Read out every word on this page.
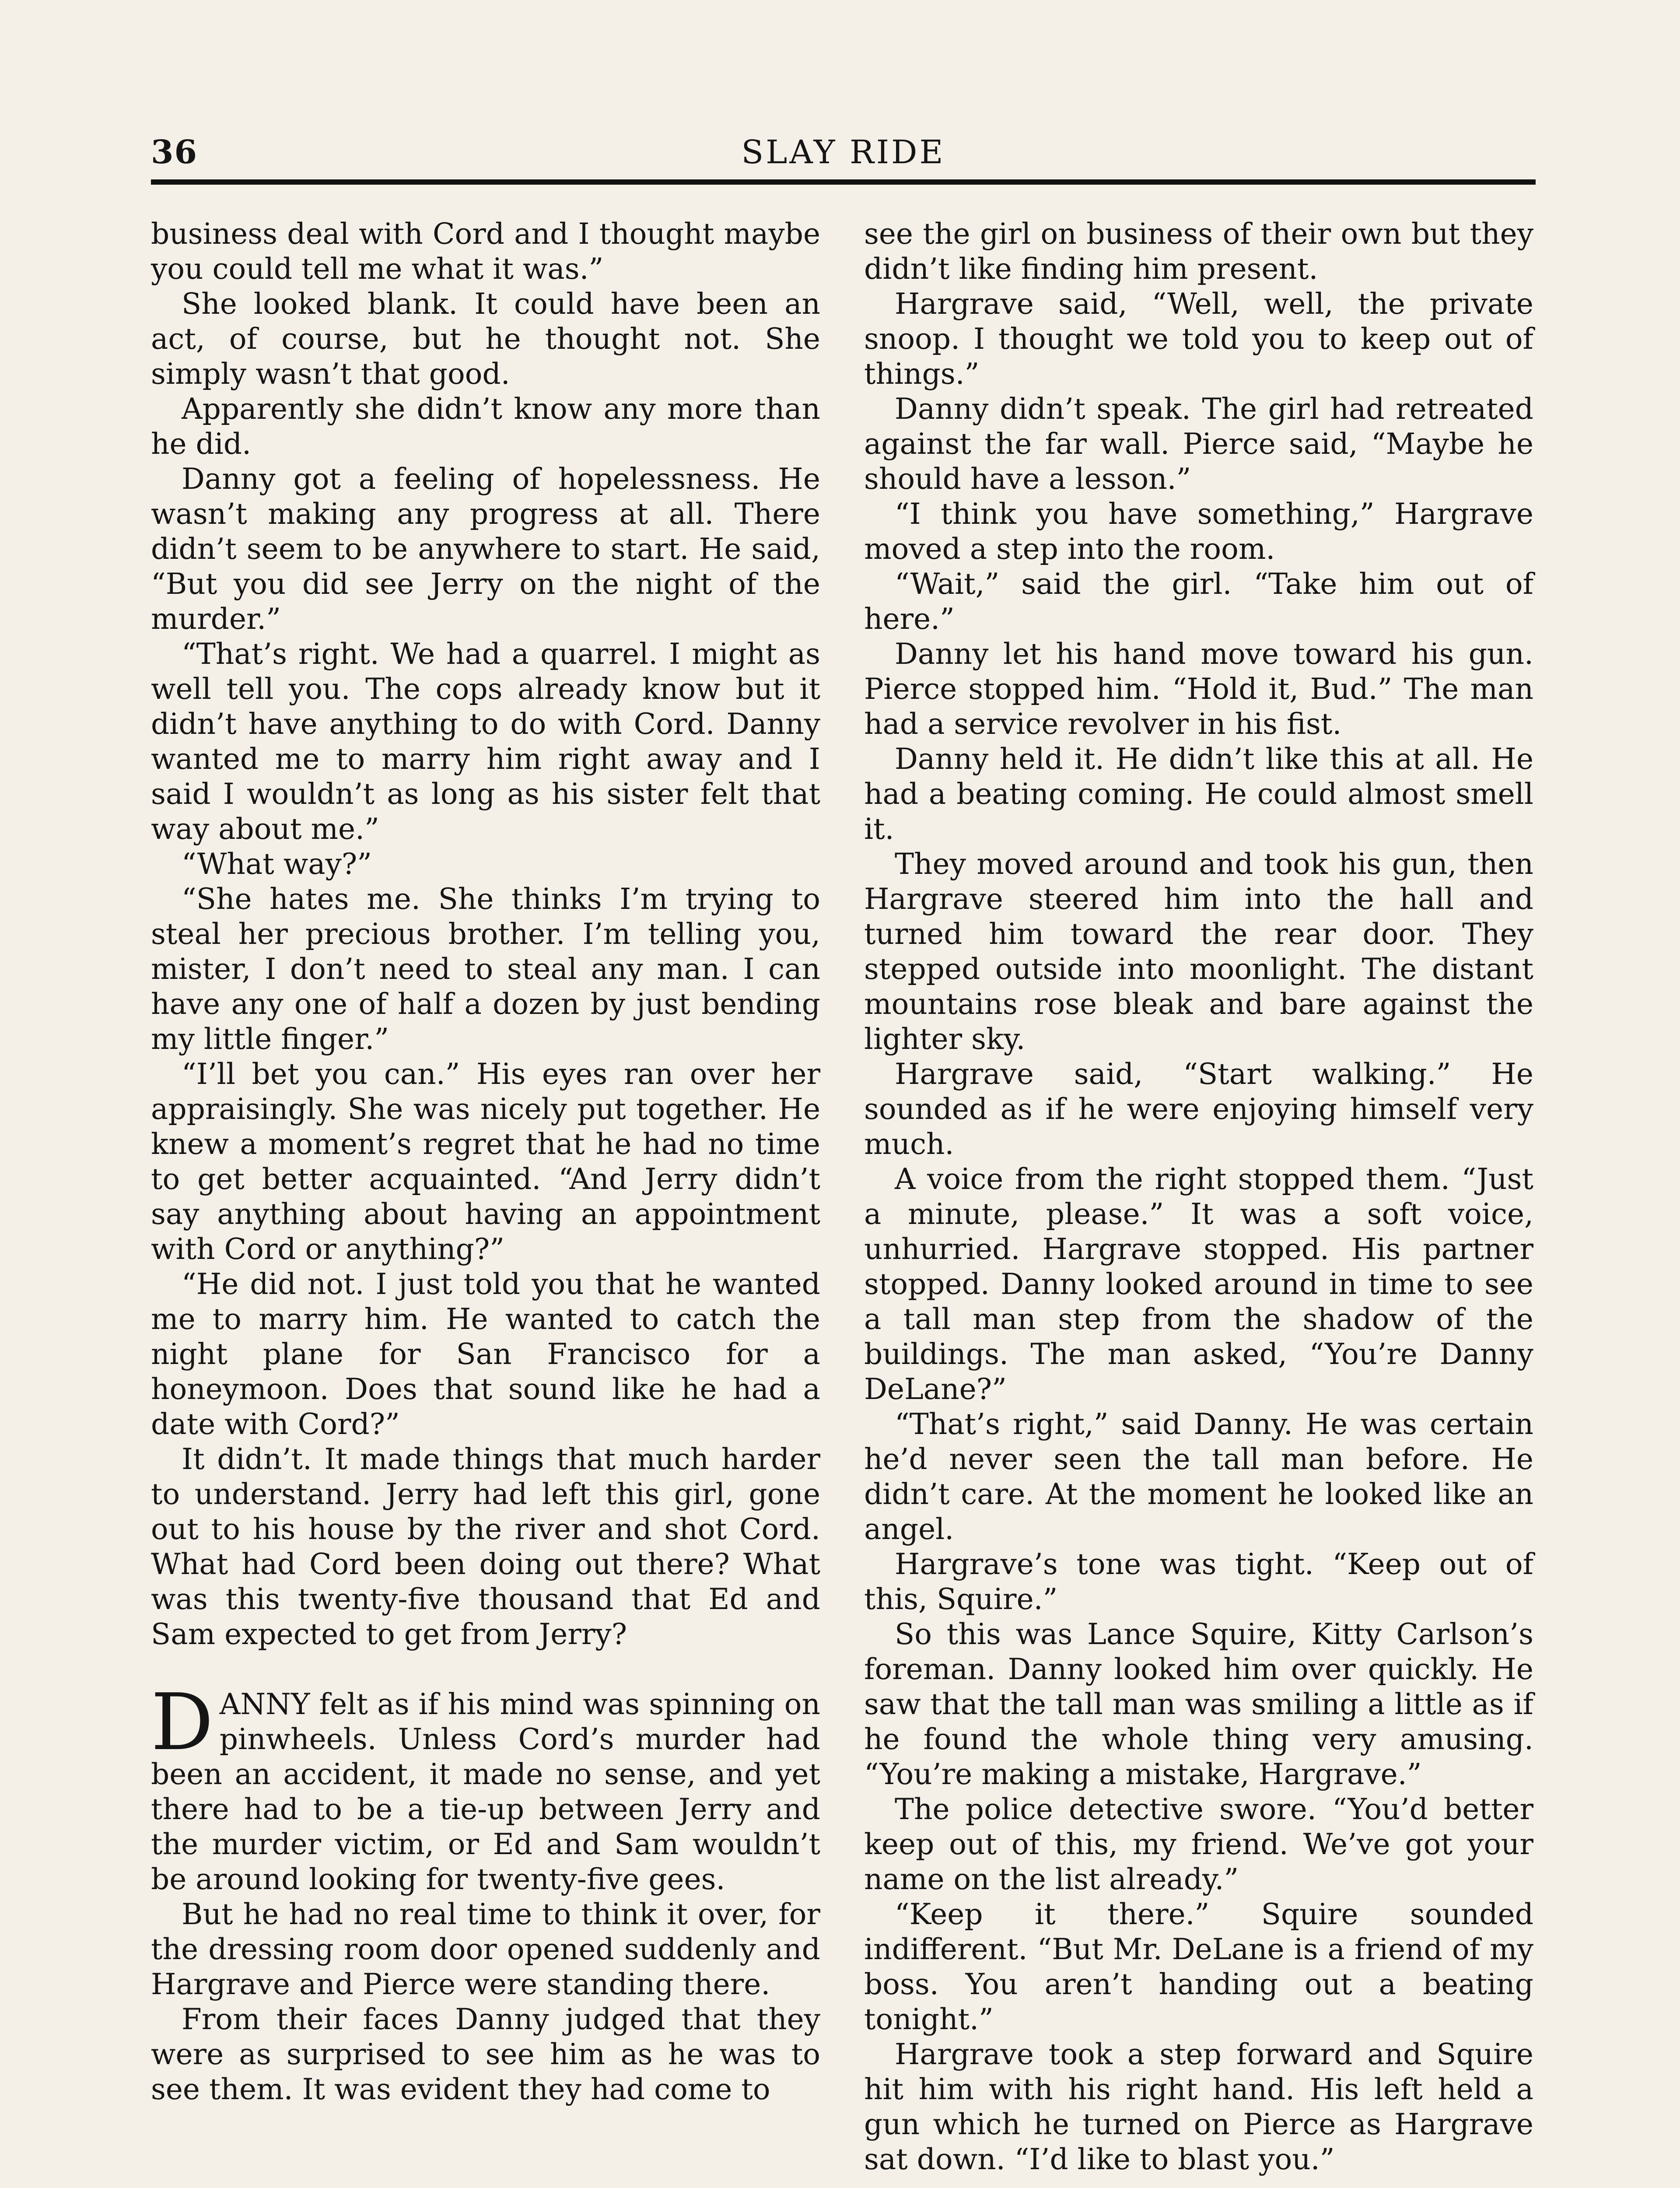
36	SLAY RIDE

business deal with Cord and I thought maybe you could tell me what it was.”

She looked blank. It could have been an act, of course, but he thought not. She simply wasn’t that good.

Apparently she didn’t know any more than he did.

Danny got a feeling of hopelessness. He wasn’t making any progress at all. There didn’t seem to be anywhere to start. He said, “But you did see Jerry on the night of the murder.”

“That’s right. We had a quarrel. I might as well tell you. The cops already know but it didn’t have anything to do with Cord. Danny wanted me to marry him right away and I said I wouldn’t as long as his sister felt that way about me.”

“What way?”

“She hates me. She thinks I’m trying to steal her precious brother. I’m telling you, mister, I don’t need to steal any man. I can have any one of half a dozen by just bending my little finger.”

“I’ll bet you can.” His eyes ran over her appraisingly. She was nicely put together. He knew a moment’s regret that he had no time to get better acquainted. “And Jerry didn’t say anything about having an appointment with Cord or anything?”

“He did not. I just told you that he wanted me to marry him. He wanted to catch the night plane for San Francisco for a honeymoon. Does that sound like he had a date with Cord?”

It didn’t. It made things that much harder to understand. Jerry had left this girl, gone out to his house by the river and shot Cord. What had Cord been doing out there? What was this twenty-five thousand that Ed and Sam expected to get from Jerry?

DANNY felt as if his mind was spinning on pinwheels. Unless Cord’s murder had been an accident, it made no sense, and yet there had to be a tie-up between Jerry and the murder victim, or Ed and Sam wouldn’t be around looking for twenty-five gees.

But he had no real time to think it over, for the dressing room door opened suddenly and Hargrave and Pierce were standing there.

From their faces Danny judged that they were as surprised to see him as he was to see them. It was evident they had come to

see the girl on business of their own but they didn’t like finding him present.

Hargrave said, “Well, well, the private snoop. I thought we told you to keep out of things.”

Danny didn’t speak. The girl had retreated against the far wall. Pierce said, “Maybe he should have a lesson.”

“I think you have something,” Hargrave moved a step into the room.

“Wait,” said the girl. “Take him out of here.”

Danny let his hand move toward his gun. Pierce stopped him. “Hold it, Bud.” The man had a service revolver in his fist.

Danny held it. He didn’t like this at all. He had a beating coming. He could almost smell it.

They moved around and took his gun, then Hargrave steered him into the hall and turned him toward the rear door. They stepped outside into moonlight. The distant mountains rose bleak and bare against the lighter sky.

Hargrave said, “Start walking.” He sounded as if he were enjoying himself very much.

A voice from the right stopped them. “Just a minute, please.” It was a soft voice, unhurried. Hargrave stopped. His partner stopped. Danny looked around in time to see a tall man step from the shadow of the buildings. The man asked, “You’re Danny DeLane?”

“That’s right,” said Danny. He was certain he’d never seen the tall man before. He didn’t care. At the moment he looked like an angel.

Hargrave’s tone was tight. “Keep out of this, Squire.”

So this was Lance Squire, Kitty Carlson’s foreman. Danny looked him over quickly. He saw that the tall man was smiling a little as if he found the whole thing very amusing. “You’re making a mistake, Hargrave.”

The police detective swore. “You’d better keep out of this, my friend. We’ve got your name on the list already.”

“Keep it there.” Squire sounded indifferent. “But Mr. DeLane is a friend of my boss. You aren’t handing out a beating tonight.”

Hargrave took a step forward and Squire hit him with his right hand. His left held a gun which he turned on Pierce as Hargrave sat down. “I’d like to blast you.”
